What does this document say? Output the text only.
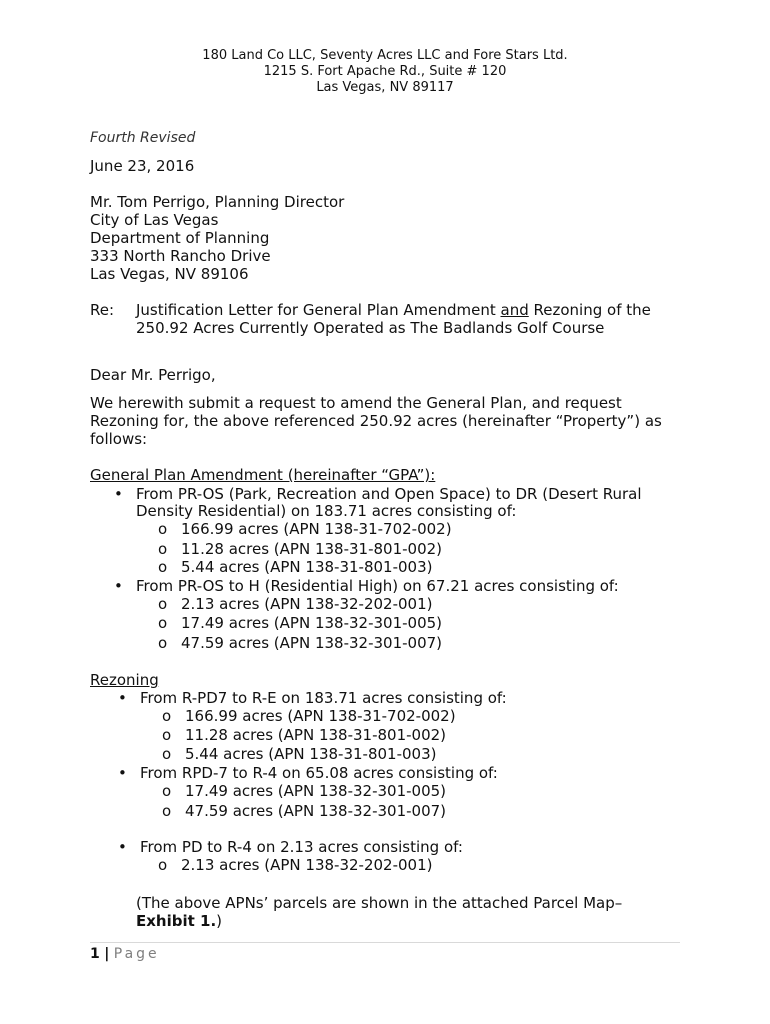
180 Land Co LLC, Seventy Acres LLC and Fore Stars Ltd.
1215 S. Fort Apache Rd., Suite # 120
Las Vegas, NV 89117
Fourth Revised
June 23, 2016
Mr. Tom Perrigo, Planning Director
City of Las Vegas
Department of Planning
333 North Rancho Drive
Las Vegas, NV 89106
Re: Justification Letter for General Plan Amendment and Rezoning of the
250.92 Acres Currently Operated as The Badlands Golf Course
Dear Mr. Perrigo,
We herewith submit a request to amend the General Plan, and request
Rezoning for, the above referenced 250.92 acres (hereinafter “Property”) as
follows:
General Plan Amendment (hereinafter “GPA”):
• From PR-OS (Park, Recreation and Open Space) to DR (Desert Rural
Density Residential) on 183.71 acres consisting of:
o 166.99 acres (APN 138-31-702-002)
o 11.28 acres (APN 138-31-801-002)
o 5.44 acres (APN 138-31-801-003)
• From PR-OS to H (Residential High) on 67.21 acres consisting of:
o 2.13 acres (APN 138-32-202-001)
o 17.49 acres (APN 138-32-301-005)
o 47.59 acres (APN 138-32-301-007)
Rezoning
• From R-PD7 to R-E on 183.71 acres consisting of:
o 166.99 acres (APN 138-31-702-002)
o 11.28 acres (APN 138-31-801-002)
o 5.44 acres (APN 138-31-801-003)
• From RPD-7 to R-4 on 65.08 acres consisting of:
o 17.49 acres (APN 138-32-301-005)
o 47.59 acres (APN 138-32-301-007)
• From PD to R-4 on 2.13 acres consisting of:
o 2.13 acres (APN 138-32-202-001)
(The above APNs’ parcels are shown in the attached Parcel Map–
Exhibit 1.)
1 | Page
